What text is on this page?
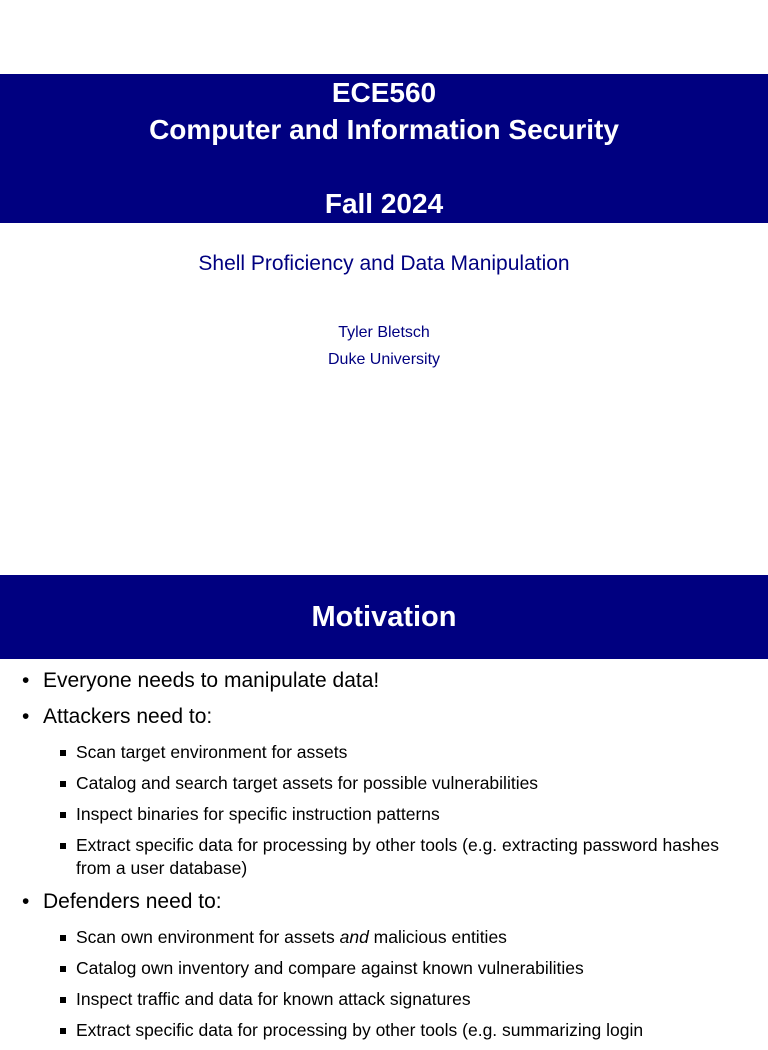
ECE560
Computer and Information Security
Fall 2024
Shell Proficiency and Data Manipulation
Tyler Bletsch
Duke University
Motivation
• Everyone needs to manipulate data!
• Attackers need to:
Scan target environment for assets
Catalog and search target assets for possible vulnerabilities
Inspect binaries for specific instruction patterns
Extract specific data for processing by other tools (e.g. extracting password hashes from a user database)
• Defenders need to:
Scan own environment for assets and malicious entities
Catalog own inventory and compare against known vulnerabilities
Inspect traffic and data for known attack signatures
Extract specific data for processing by other tools (e.g. summarizing login
